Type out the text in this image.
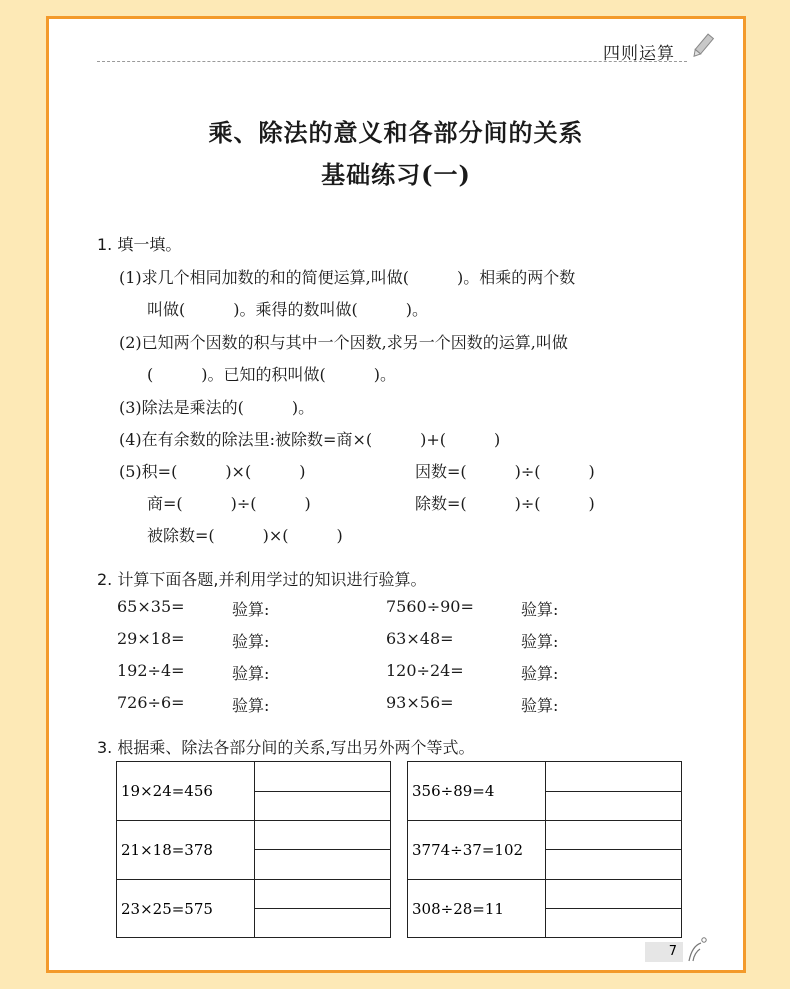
四则运算
乘、除法的意义和各部分间的关系
基础练习(一)
1. 填一填。
(1)求几个相同加数的和的简便运算,叫做(　　　)。相乘的两个数
叫做(　　　)。乘得的数叫做(　　　)。
(2)已知两个因数的积与其中一个因数,求另一个因数的运算,叫做
(　　　)。已知的积叫做(　　　)。
(3)除法是乘法的(　　　)。
(4)在有余数的除法里:被除数=商×(　　　)+(　　　)
(5)积=(　　　)×(　　　)	因数=(　　　)÷(　　　)
商=(　　　)÷(　　　)	除数=(　　　)÷(　　　)
被除数=(　　　)×(　　　)
2. 计算下面各题,并利用学过的知识进行验算。
65×35=	验算:	7560÷90=	验算:
29×18=	验算:	63×48=	验算:
192÷4=	验算:	120÷24=	验算:
726÷6=	验算:	93×56=	验算:
3. 根据乘、除法各部分间的关系,写出另外两个等式。
19×24=456
21×18=378
23×25=575
356÷89=4
3774÷37=102
308÷28=11
7
